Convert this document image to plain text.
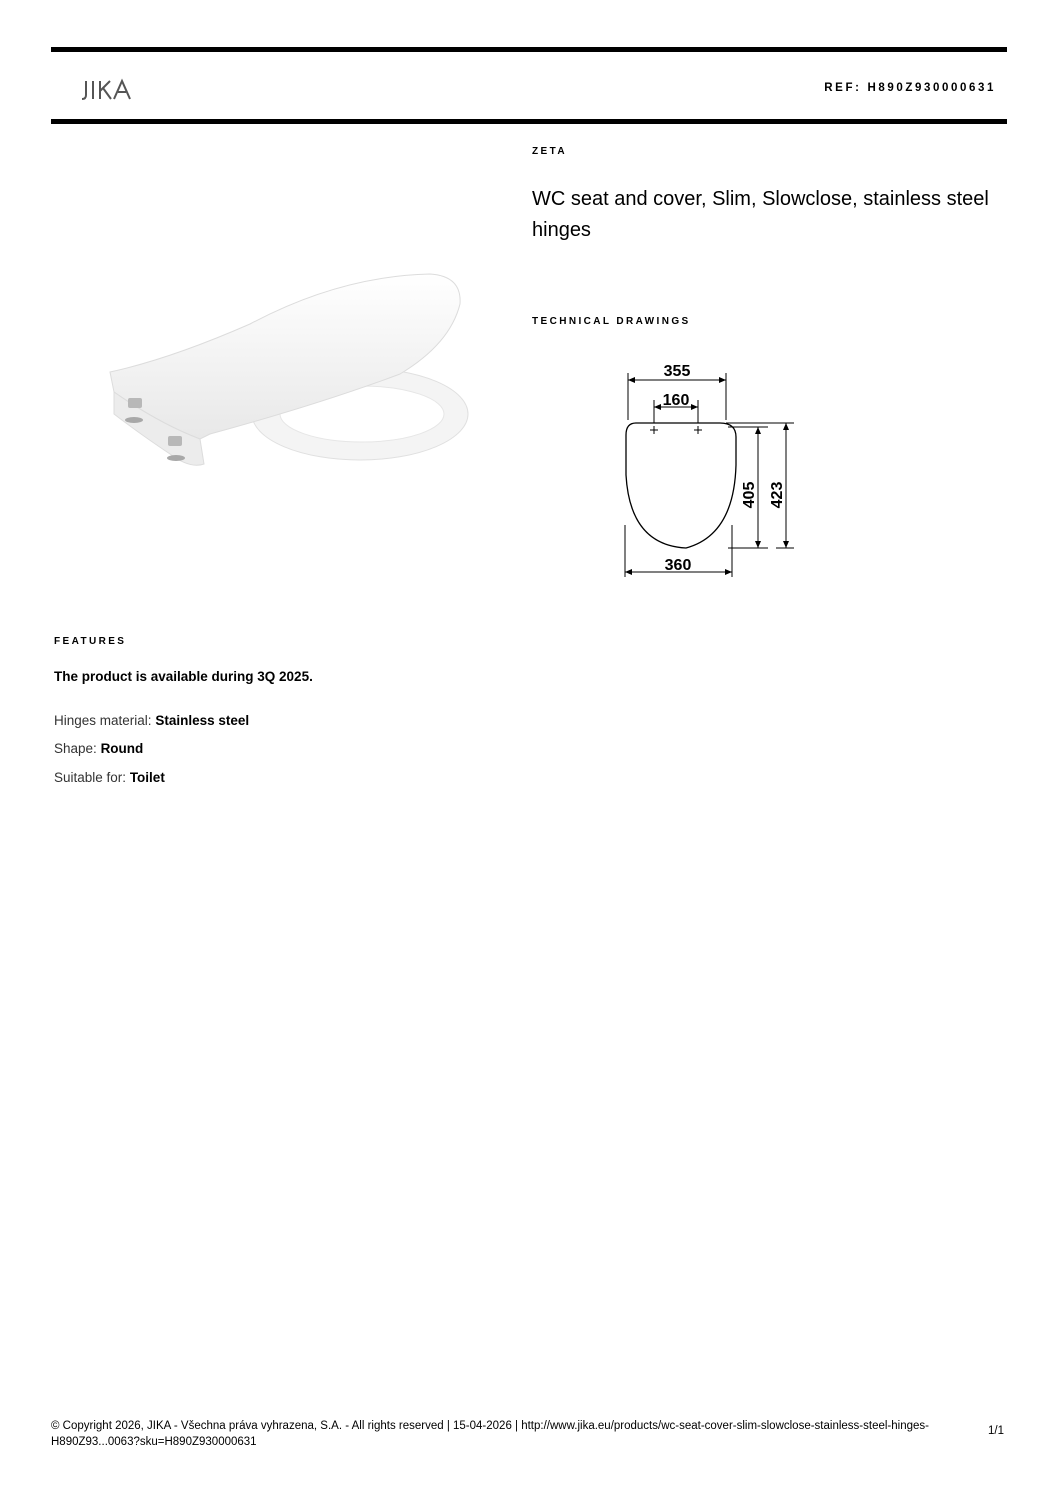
REF: H890Z930000631
ZETA
WC seat and cover, Slim, Slowclose, stainless steel hinges
TECHNICAL DRAWINGS
355
160
360
405 423
FEATURES
The product is available during 3Q 2025.
Hinges material: Stainless steel
Shape: Round
Suitable for: Toilet
© Copyright 2026, JIKA - Všechna práva vyhrazena, S.A. - All rights reserved | 15-04-2026 | http://www.jika.eu/products/wc-seat-cover-slim-slowclose-stainless-steel-hinges-H890Z93...0063?sku=H890Z930000631
1/1
